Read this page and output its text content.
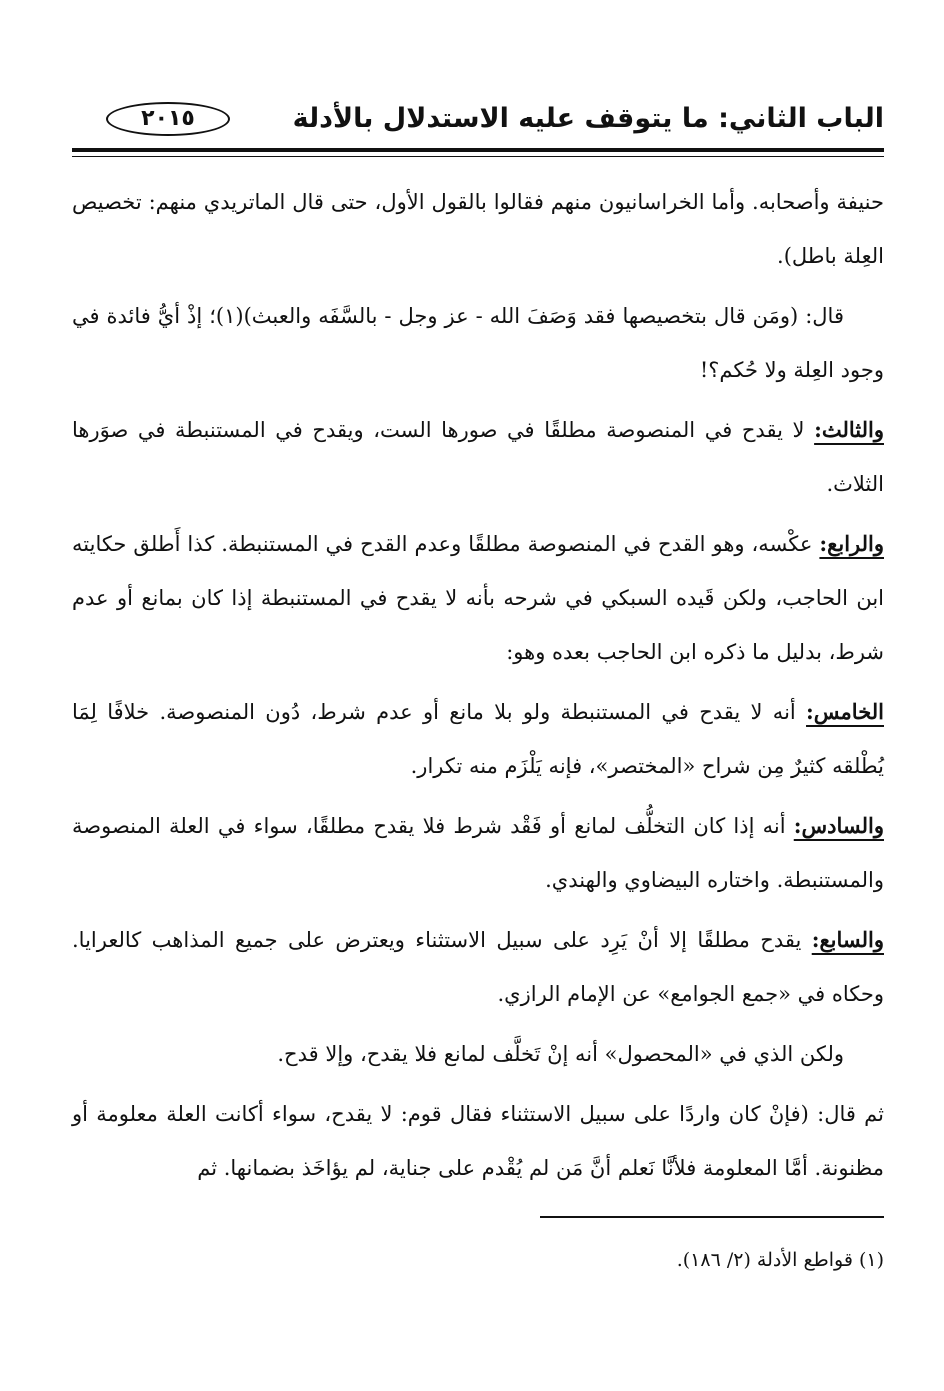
٢٠١٥	الباب الثاني: ما يتوقف عليه الاستدلال بالأدلة

حنيفة وأصحابه. وأما الخراسانيون منهم فقالوا بالقول الأول، حتى قال الماتريدي منهم: تخصيص العِلة باطل).

قال: (ومَن قال بتخصيصها فقد وَصَفَ الله - عز وجل - بالسَّفَه والعبث)(١)؛ إذْ أيُّ فائدة في وجود العِلة ولا حُكم؟!

والثالث: لا يقدح في المنصوصة مطلقًا في صورها الست، ويقدح في المستنبطة في صوَرها الثلاث.

والرابع: عكْسه، وهو القدح في المنصوصة مطلقًا وعدم القدح في المستنبطة. كذا أَطلق حكايته ابن الحاجب، ولكن قَيده السبكي في شرحه بأنه لا يقدح في المستنبطة إذا كان بمانع أو عدم شرط، بدليل ما ذكره ابن الحاجب بعده وهو:

الخامس: أنه لا يقدح في المستنبطة ولو بلا مانع أو عدم شرط، دُون المنصوصة. خلافًا لِمَا يُطْلقه كثيرٌ مِن شراح «المختصر»، فإنه يَلْزَم منه تكرار.

والسادس: أنه إذا كان التخلُّف لمانع أو فَقْد شرط فلا يقدح مطلقًا، سواء في العلة المنصوصة والمستنبطة. واختاره البيضاوي والهندي.

والسابع: يقدح مطلقًا إلا أنْ يَرِد على سبيل الاستثناء ويعترض على جميع المذاهب كالعرايا. وحكاه في «جمع الجوامع» عن الإمام الرازي.

ولكن الذي في «المحصول» أنه إنْ تَخلَّف لمانع فلا يقدح، وإلا قدح.

ثم قال: (فإنْ كان واردًا على سبيل الاستثناء فقال قوم: لا يقدح، سواء أكانت العلة معلومة أو مظنونة. أمَّا المعلومة فلأنَّا نَعلم أنَّ مَن لم يُقْدم على جناية، لم يؤاخَذ بضمانها. ثم

(١) قواطع الأدلة (٢/ ١٨٦).
